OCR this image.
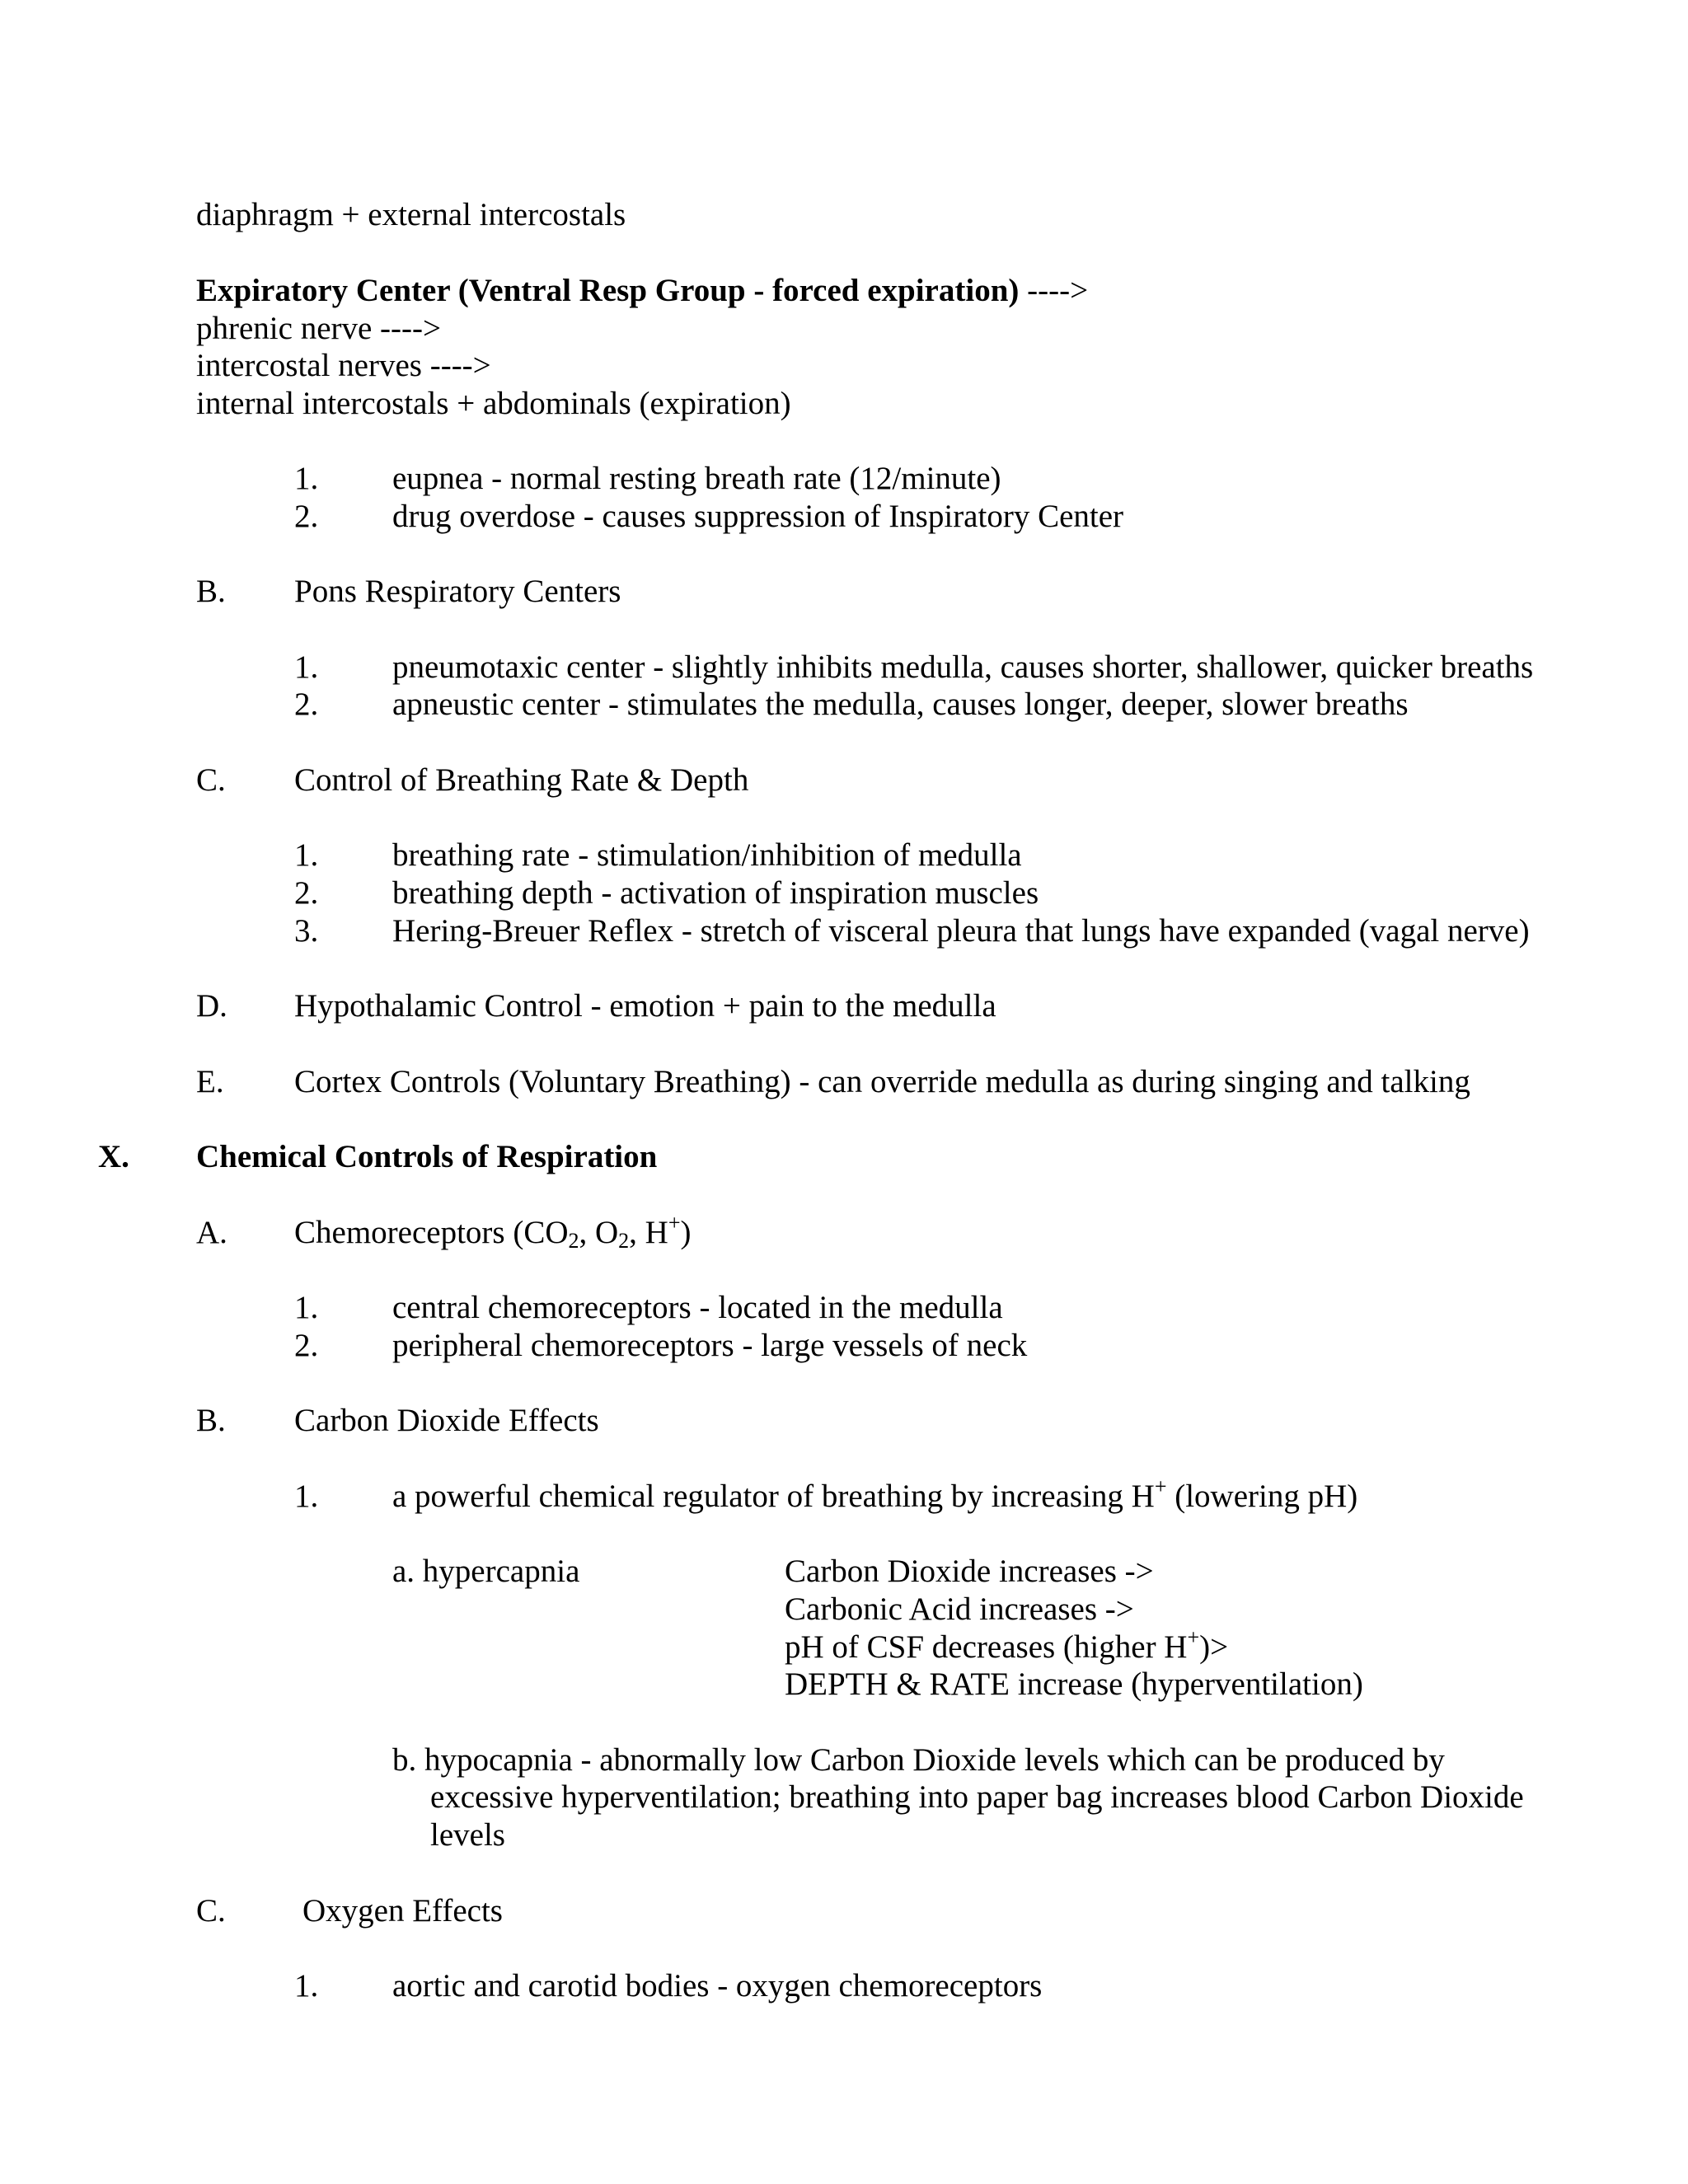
diaphragm + external intercostals
Expiratory Center (Ventral Resp Group - forced expiration) ---->
phrenic nerve ---->
intercostal nerves ---->
internal intercostals + abdominals (expiration)
1. eupnea - normal resting breath rate (12/minute)
2. drug overdose - causes suppression of Inspiratory Center
B. Pons Respiratory Centers
1. pneumotaxic center - slightly inhibits medulla, causes shorter, shallower, quicker breaths
2. apneustic center - stimulates the medulla, causes longer, deeper, slower breaths
C. Control of Breathing Rate & Depth
1. breathing rate - stimulation/inhibition of medulla
2. breathing depth - activation of inspiration muscles
3. Hering-Breuer Reflex - stretch of visceral pleura that lungs have expanded (vagal nerve)
D. Hypothalamic Control - emotion + pain to the medulla
E. Cortex Controls (Voluntary Breathing) - can override medulla as during singing and talking
X. Chemical Controls of Respiration
A. Chemoreceptors ($CO_2$, $O_2$, H+)
1. central chemoreceptors - located in the medulla
2. peripheral chemoreceptors - large vessels of neck
B. Carbon Dioxide Effects
1. a powerful chemical regulator of breathing by increasing H+ (lowering pH)
a. hypercapnia	Carbon Dioxide increases ->
Carbonic Acid increases ->
pH of CSF decreases (higher H+)>
DEPTH & RATE increase (hyperventilation)
b. hypocapnia - abnormally low Carbon Dioxide levels which can be produced by
excessive hyperventilation; breathing into paper bag increases blood Carbon Dioxide
levels
C. Oxygen Effects
1. aortic and carotid bodies - oxygen chemoreceptors
